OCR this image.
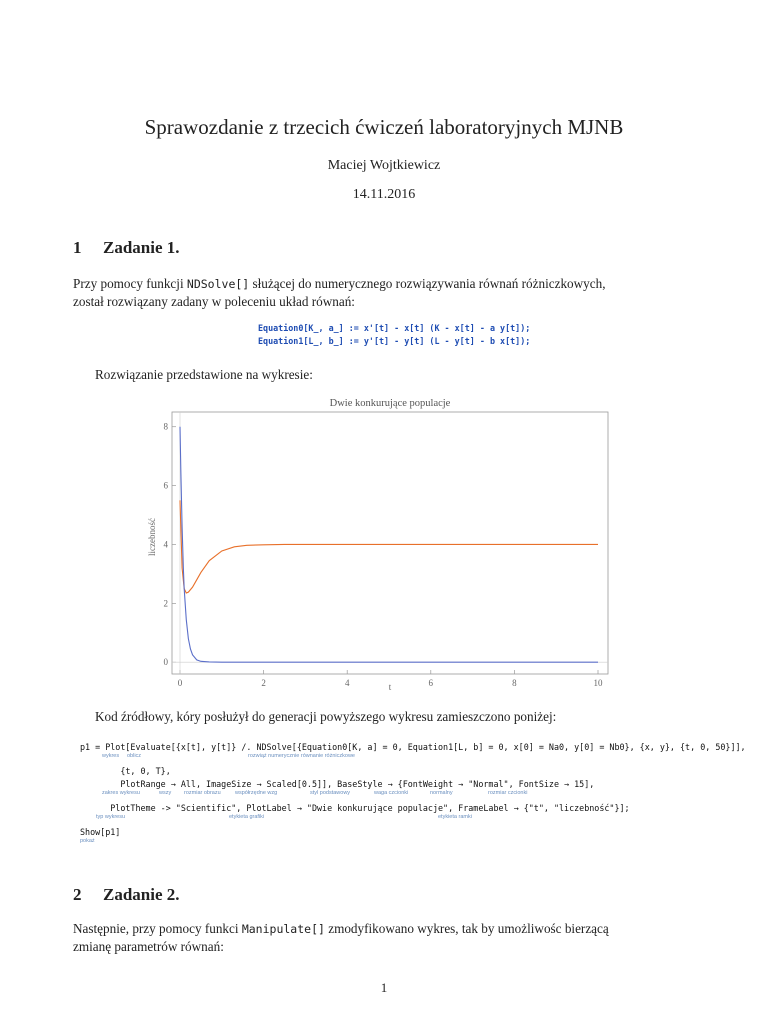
Sprawozdanie z trzecich ćwiczeń laboratoryjnych MJNB
Maciej Wojtkiewicz
14.11.2016
1 Zadanie 1.
Przy pomocy funkcji NDSolve[] służącej do numerycznego rozwiązywania równań różniczkowych,
został rozwiązany zadany w poleceniu układ równań:
Equation0[K_, a_] := x'[t] - x[t] (K - x[t] - a y[t]);
Equation1[L_, b_] := y'[t] - y[t] (L - y[t] - b x[t]);
Rozwiązanie przedstawione na wykresie:
Dwie konkurujące populacje
0	2	4	6	8	10
0
2
4
6
8
t
liczebność
Kod źródłowy, kóry posłużył do generacji powyższego wykresu zamieszczono poniżej:
p1 = Plot[Evaluate[{x[t], y[t]} /. NDSolve[{Equation0[K, a] = 0, Equation1[L, b] = 0, x[0] = Na0, y[0] = Nb0}, {x, y}, {t, 0, 50}]],
{t, 0, T},
PlotRange → All, ImageSize → Scaled[0.5]], BaseStyle → {FontWeight → "Normal", FontSize → 15],
PlotTheme -> "Scientific", PlotLabel → "Dwie konkurujące populacje", FrameLabel → {"t", "liczebność"}];
Show[p1]
wykres oblicz	rozwiąż numerycznie równanie różniczkowe
zakres wykresu	wszy rozmiar obrazu	współrzędne wzg	styl podstawowy	waga czcionki	normalny	rozmiar czcionki
typ wykresu	etykieta grafiki	etykieta ramki
pokaż
2 Zadanie 2.
Następnie, przy pomocy funkci Manipulate[] zmodyfikowano wykres, tak by umożliwośc bierzącą
zmianę parametrów równań:
1
